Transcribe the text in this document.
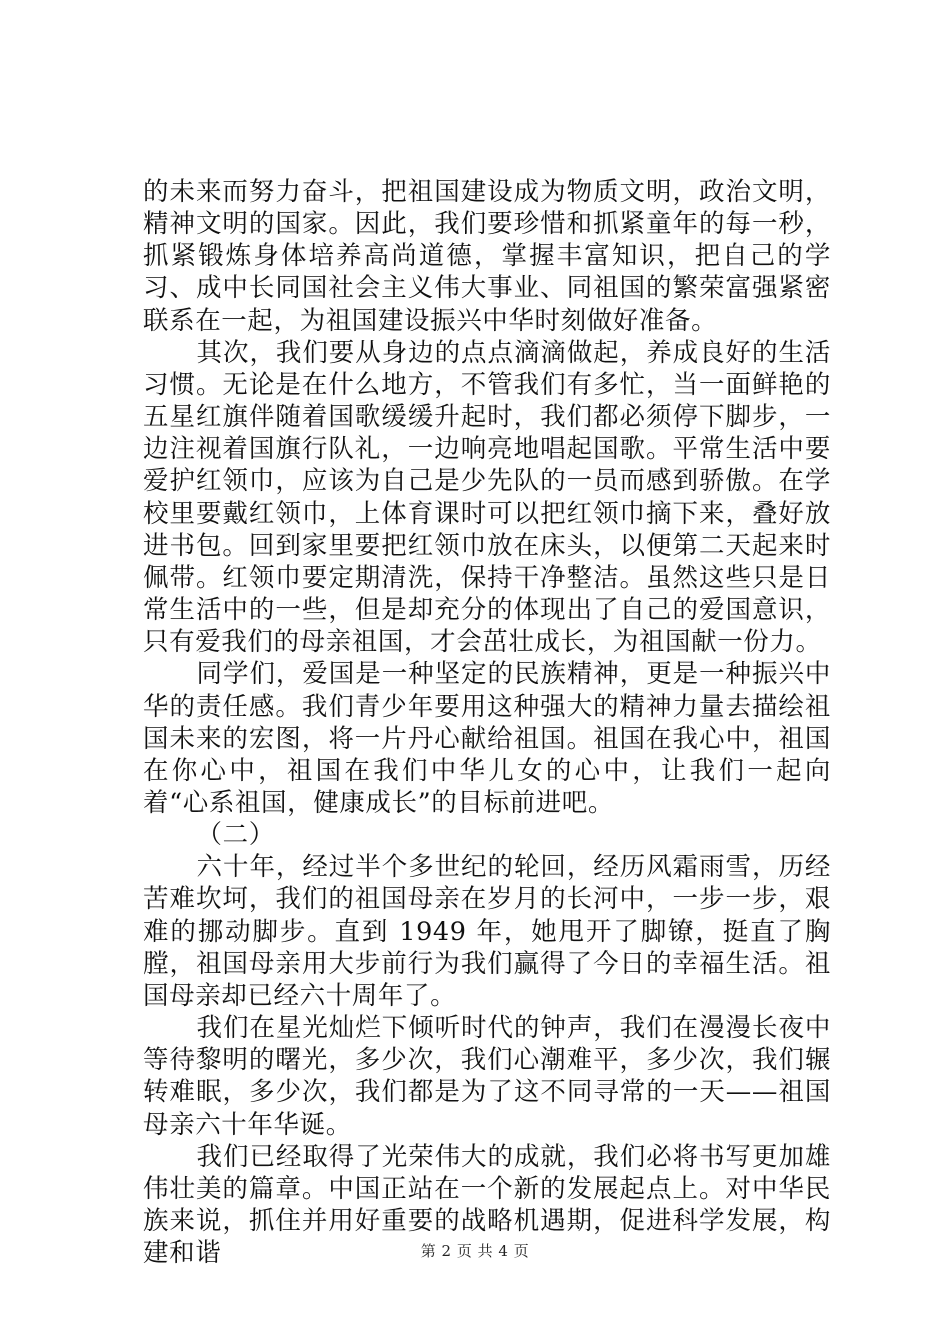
的未来而努力奋斗，把祖国建设成为物质文明，政治文明，精神文明的国家。因此，我们要珍惜和抓紧童年的每一秒，抓紧锻炼身体培养高尚道德，掌握丰富知识，把自己的学习、成中长同国社会主义伟大事业、同祖国的繁荣富强紧密联系在一起，为祖国建设振兴中华时刻做好准备。

其次，我们要从身边的点点滴滴做起，养成良好的生活习惯。无论是在什么地方，不管我们有多忙，当一面鲜艳的五星红旗伴随着国歌缓缓升起时，我们都必须停下脚步，一边注视着国旗行队礼，一边响亮地唱起国歌。平常生活中要爱护红领巾，应该为自己是少先队的一员而感到骄傲。在学校里要戴红领巾，上体育课时可以把红领巾摘下来，叠好放进书包。回到家里要把红领巾放在床头，以便第二天起来时佩带。红领巾要定期清洗，保持干净整洁。虽然这些只是日常生活中的一些，但是却充分的体现出了自己的爱国意识，只有爱我们的母亲祖国，才会茁壮成长，为祖国献一份力。

同学们，爱国是一种坚定的民族精神，更是一种振兴中华的责任感。我们青少年要用这种强大的精神力量去描绘祖国未来的宏图，将一片丹心献给祖国。祖国在我心中，祖国在你心中，祖国在我们中华儿女的心中，让我们一起向着“心系祖国，健康成长”的目标前进吧。

（二）

六十年，经过半个多世纪的轮回，经历风霜雨雪，历经苦难坎坷，我们的祖国母亲在岁月的长河中，一步一步，艰难的挪动脚步。直到 1949 年，她甩开了脚镣，挺直了胸膛，祖国母亲用大步前行为我们赢得了今日的幸福生活。祖国母亲却已经六十周年了。

我们在星光灿烂下倾听时代的钟声，我们在漫漫长夜中等待黎明的曙光，多少次，我们心潮难平，多少次，我们辗转难眠，多少次，我们都是为了这不同寻常的一天——祖国母亲六十年华诞。

我们已经取得了光荣伟大的成就，我们必将书写更加雄伟壮美的篇章。中国正站在一个新的发展起点上。对中华民族来说，抓住并用好重要的战略机遇期，促进科学发展，构建和谐	第 2 页 共 4 页
